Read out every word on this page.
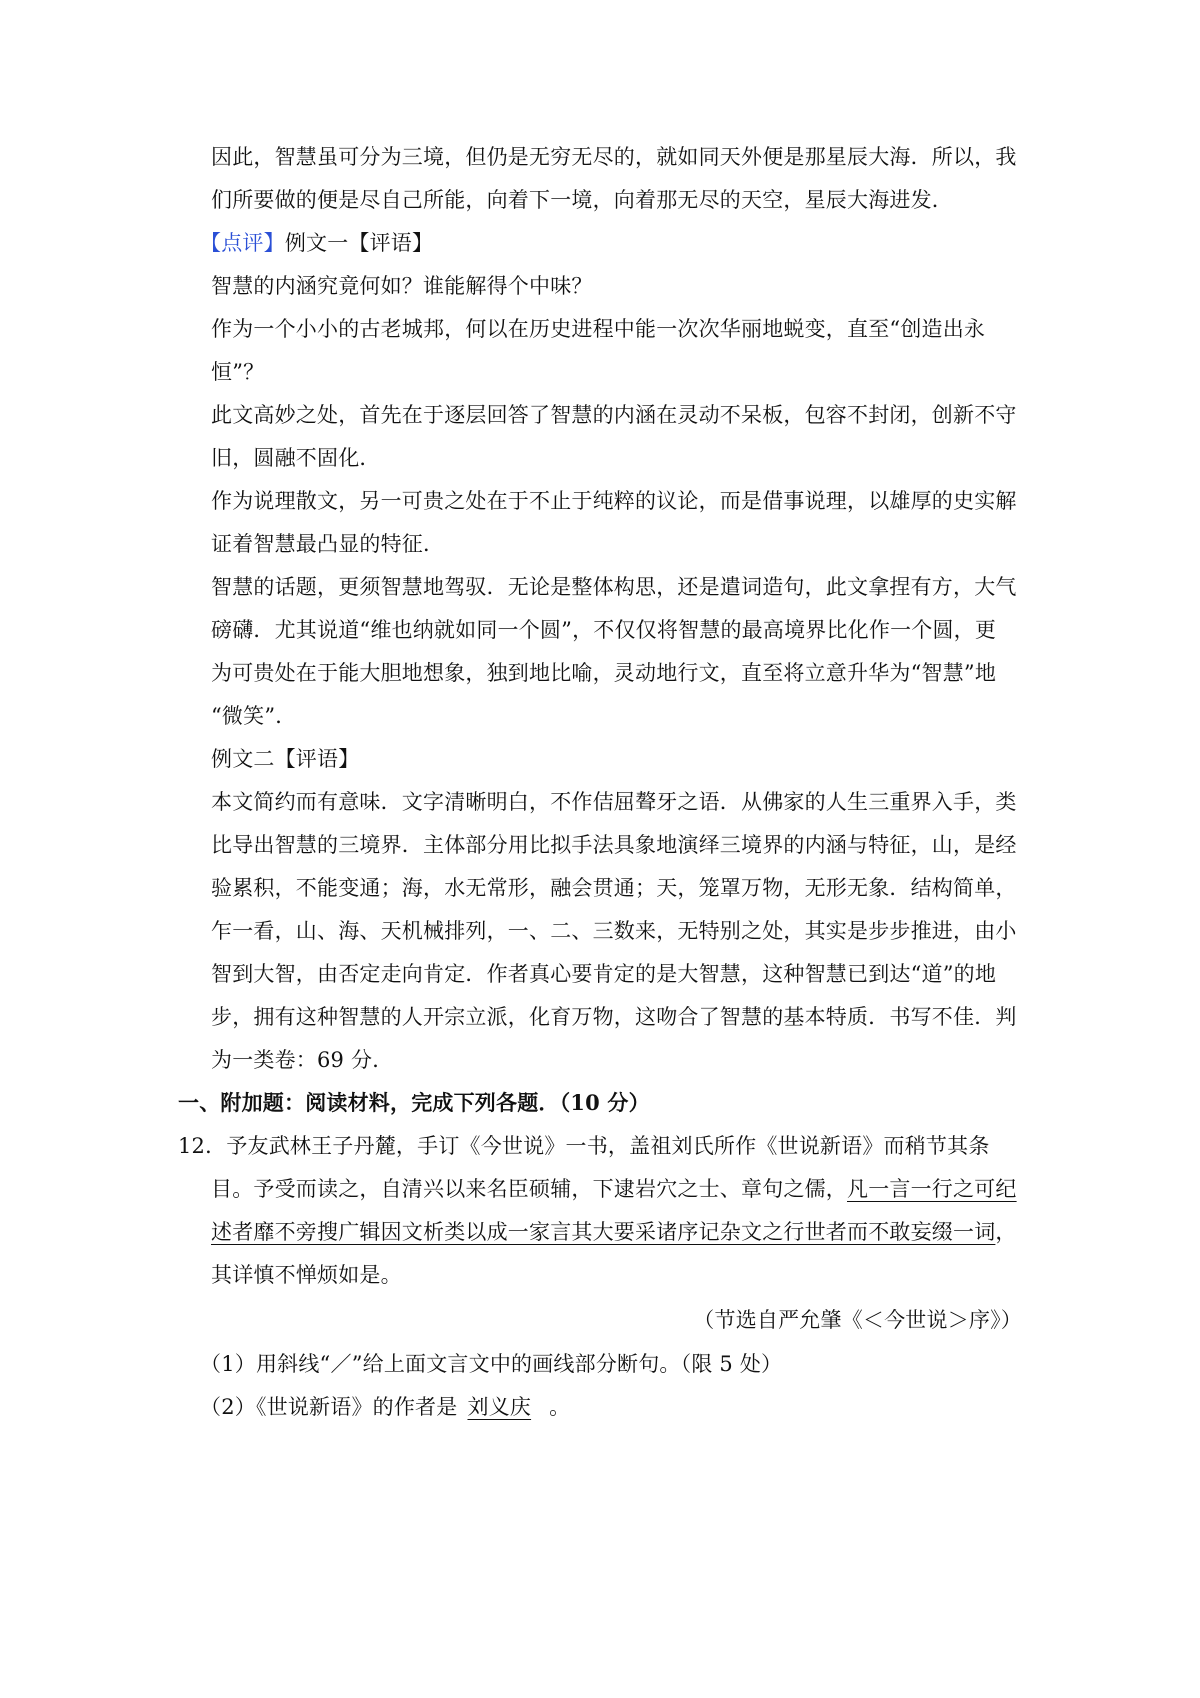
因此，智慧虽可分为三境，但仍是无穷无尽的，就如同天外便是那星辰大海．所以，我
们所要做的便是尽自己所能，向着下一境，向着那无尽的天空，星辰大海进发．
【点评】例文一【评语】
智慧的内涵究竟何如？谁能解得个中味？
作为一个小小的古老城邦，何以在历史进程中能一次次华丽地蜕变，直至“创造出永
恒”？
此文高妙之处，首先在于逐层回答了智慧的内涵在灵动不呆板，包容不封闭，创新不守
旧，圆融不固化．
作为说理散文，另一可贵之处在于不止于纯粹的议论，而是借事说理，以雄厚的史实解
证着智慧最凸显的特征．
智慧的话题，更须智慧地驾驭．无论是整体构思，还是遣词造句，此文拿捏有方，大气
磅礴．尤其说道“维也纳就如同一个圆”，不仅仅将智慧的最高境界比化作一个圆，更
为可贵处在于能大胆地想象，独到地比喻，灵动地行文，直至将立意升华为“智慧”地
“微笑”．
例文二【评语】
本文简约而有意味．文字清晰明白，不作佶屈聱牙之语．从佛家的人生三重界入手，类
比导出智慧的三境界．主体部分用比拟手法具象地演绎三境界的内涵与特征，山，是经
验累积，不能变通；海，水无常形，融会贯通；天，笼罩万物，无形无象．结构简单，
乍一看，山、海、天机械排列，一、二、三数来，无特别之处，其实是步步推进，由小
智到大智，由否定走向肯定．作者真心要肯定的是大智慧，这种智慧已到达“道”的地
步，拥有这种智慧的人开宗立派，化育万物，这吻合了智慧的基本特质．书写不佳．判
为一类卷：69 分．
一、附加题：阅读材料，完成下列各题．（10 分）
12．予友武林王子丹麓，手订《今世说》一书，盖祖刘氏所作《世说新语》而稍节其条
目。予受而读之，自清兴以来名臣硕辅，下逮岩穴之士、章句之儒，凡一言一行之可纪
述者靡不旁搜广辑因文析类以成一家言其大要采诸序记杂文之行世者而不敢妄缀一词，
其详慎不惮烦如是。
（节选自严允肇《＜今世说＞序》）
（1）用斜线“／”给上面文言文中的画线部分断句。（限 5 处）
（2）《世说新语》的作者是 刘义庆 。
